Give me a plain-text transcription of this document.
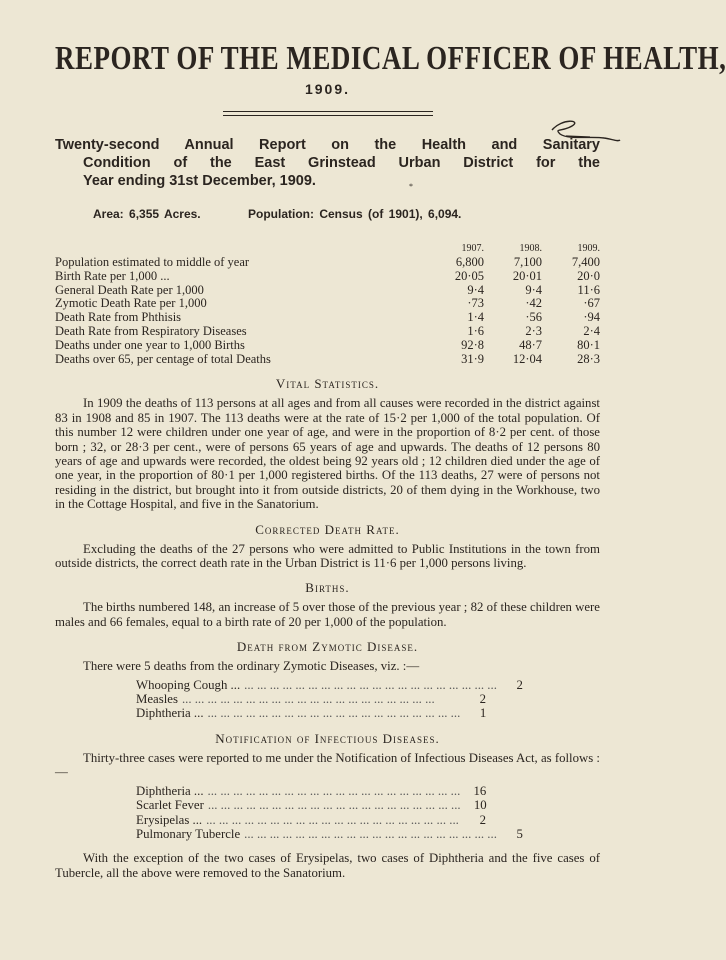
REPORT OF THE MEDICAL OFFICER OF HEALTH,
1909.
Twenty-second Annual Report on the Health and Sanitary
Condition of the East Grinstead Urban District for the
Year ending 31st December, 1909.	*
Area: 6,355 Acres.	Population: Census (of 1901), 6,094.
	1907.	1908.	1909.
Population estimated to middle of year	6,800	7,100	7,400
Birth Rate per 1,000 ...	20·05	20·01	20·0
General Death Rate per 1,000	9·4	9·4	11·6
Zymotic Death Rate per 1,000	·73	·42	·67
Death Rate from Phthisis	1·4	·56	·94
Death Rate from Respiratory Diseases	1·6	2·3	2·4
Deaths under one year to 1,000 Births	92·8	48·7	80·1
Deaths over 65, per centage of total Deaths	31·9	12·04	28·3
Vital Statistics.

In 1909 the deaths of 113 persons at all ages and from all causes were recorded in the district against 83 in 1908 and 85 in 1907. The 113 deaths were at the rate of 15·2 per 1,000 of the total population. Of this number 12 were children under one year of age, and were in the proportion of 8·2 per cent. of those born ; 32, or 28·3 per cent., were of persons 65 years of age and upwards. The deaths of 12 persons 80 years of age and upwards were recorded, the oldest being 92 years old ; 12 children died under the age of one year, in the proportion of 80·1 per 1,000 registered births. Of the 113 deaths, 27 were of persons not residing in the district, but brought into it from outside districts, 20 of them dying in the Workhouse, two in the Cottage Hospital, and five in the Sanatorium.

Corrected Death Rate.

Excluding the deaths of the 27 persons who were admitted to Public Institutions in the town from outside districts, the correct death rate in the Urban District is 11·6 per 1,000 persons living.

Births.

The births numbered 148, an increase of 5 over those of the previous year ; 82 of these children were males and 66 females, equal to a birth rate of 20 per 1,000 of the population.

Death from Zymotic Disease.

There were 5 deaths from the ordinary Zymotic Diseases, viz. :—

Whooping Cough ... ... ... ... ... ... ... ... ... ... ... ... ... ... ... ... ... ... ... ... ...	2
Measles ... ... ... ... ... ... ... ... ... ... ... ... ... ... ... ... ... ... ... ...	2
Diphtheria ... ... ... ... ... ... ... ... ... ... ... ... ... ... ... ... ... ... ... ... ...	1
Notification of Infectious Diseases.

Thirty-three cases were reported to me under the Notification of Infectious Diseases Act, as follows :—

Diphtheria ... ... ... ... ... ... ... ... ... ... ... ... ... ... ... ... ... ... ... ... ...	16
Scarlet Fever ... ... ... ... ... ... ... ... ... ... ... ... ... ... ... ... ... ... ... ...	10
Erysipelas ... ... ... ... ... ... ... ... ... ... ... ... ... ... ... ... ... ... ... ... ...	2
Pulmonary Tubercle ... ... ... ... ... ... ... ... ... ... ... ... ... ... ... ... ... ... ... ...	5

With the exception of the two cases of Erysipelas, two cases of Diphtheria and the five cases of Tubercle, all the above were removed to the Sanatorium.
